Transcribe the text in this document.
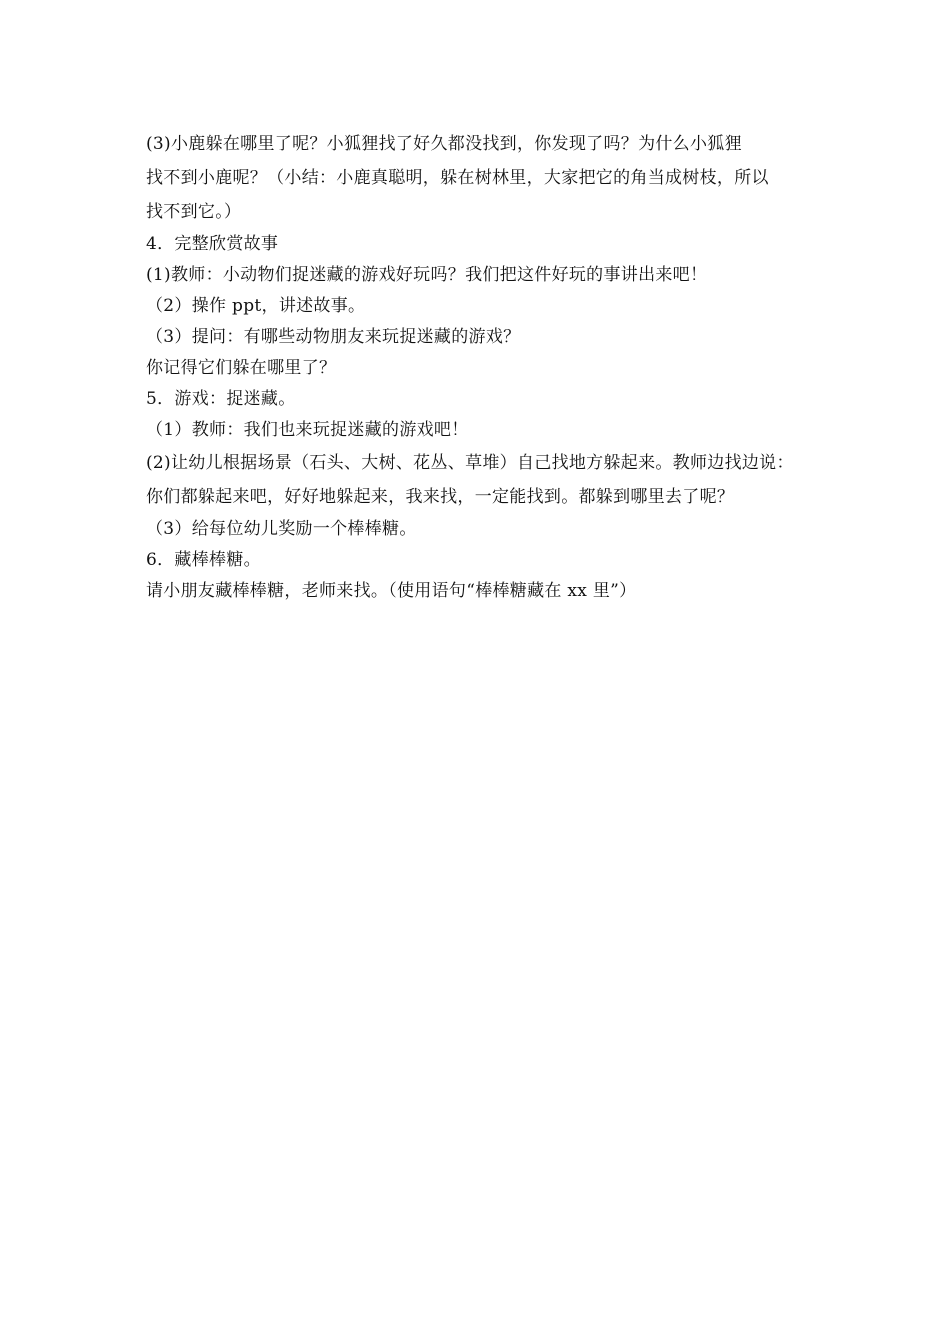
(3)小鹿躲在哪里了呢？小狐狸找了好久都没找到，你发现了吗？为什么小狐狸
找不到小鹿呢？（小结：小鹿真聪明，躲在树林里，大家把它的角当成树枝，所以
找不到它。）
4．完整欣赏故事
(1)教师：小动物们捉迷藏的游戏好玩吗？我们把这件好玩的事讲出来吧！
（2）操作 ppt，讲述故事。
（3）提问：有哪些动物朋友来玩捉迷藏的游戏？
你记得它们躲在哪里了？
5．游戏：捉迷藏。
（1）教师：我们也来玩捉迷藏的游戏吧！
(2)让幼儿根据场景（石头、大树、花丛、草堆）自己找地方躲起来。教师边找边说：
你们都躲起来吧，好好地躲起来，我来找，一定能找到。都躲到哪里去了呢？
（3）给每位幼儿奖励一个棒棒糖。
6．藏棒棒糖。
请小朋友藏棒棒糖，老师来找。（使用语句“棒棒糖藏在 xx 里”）
